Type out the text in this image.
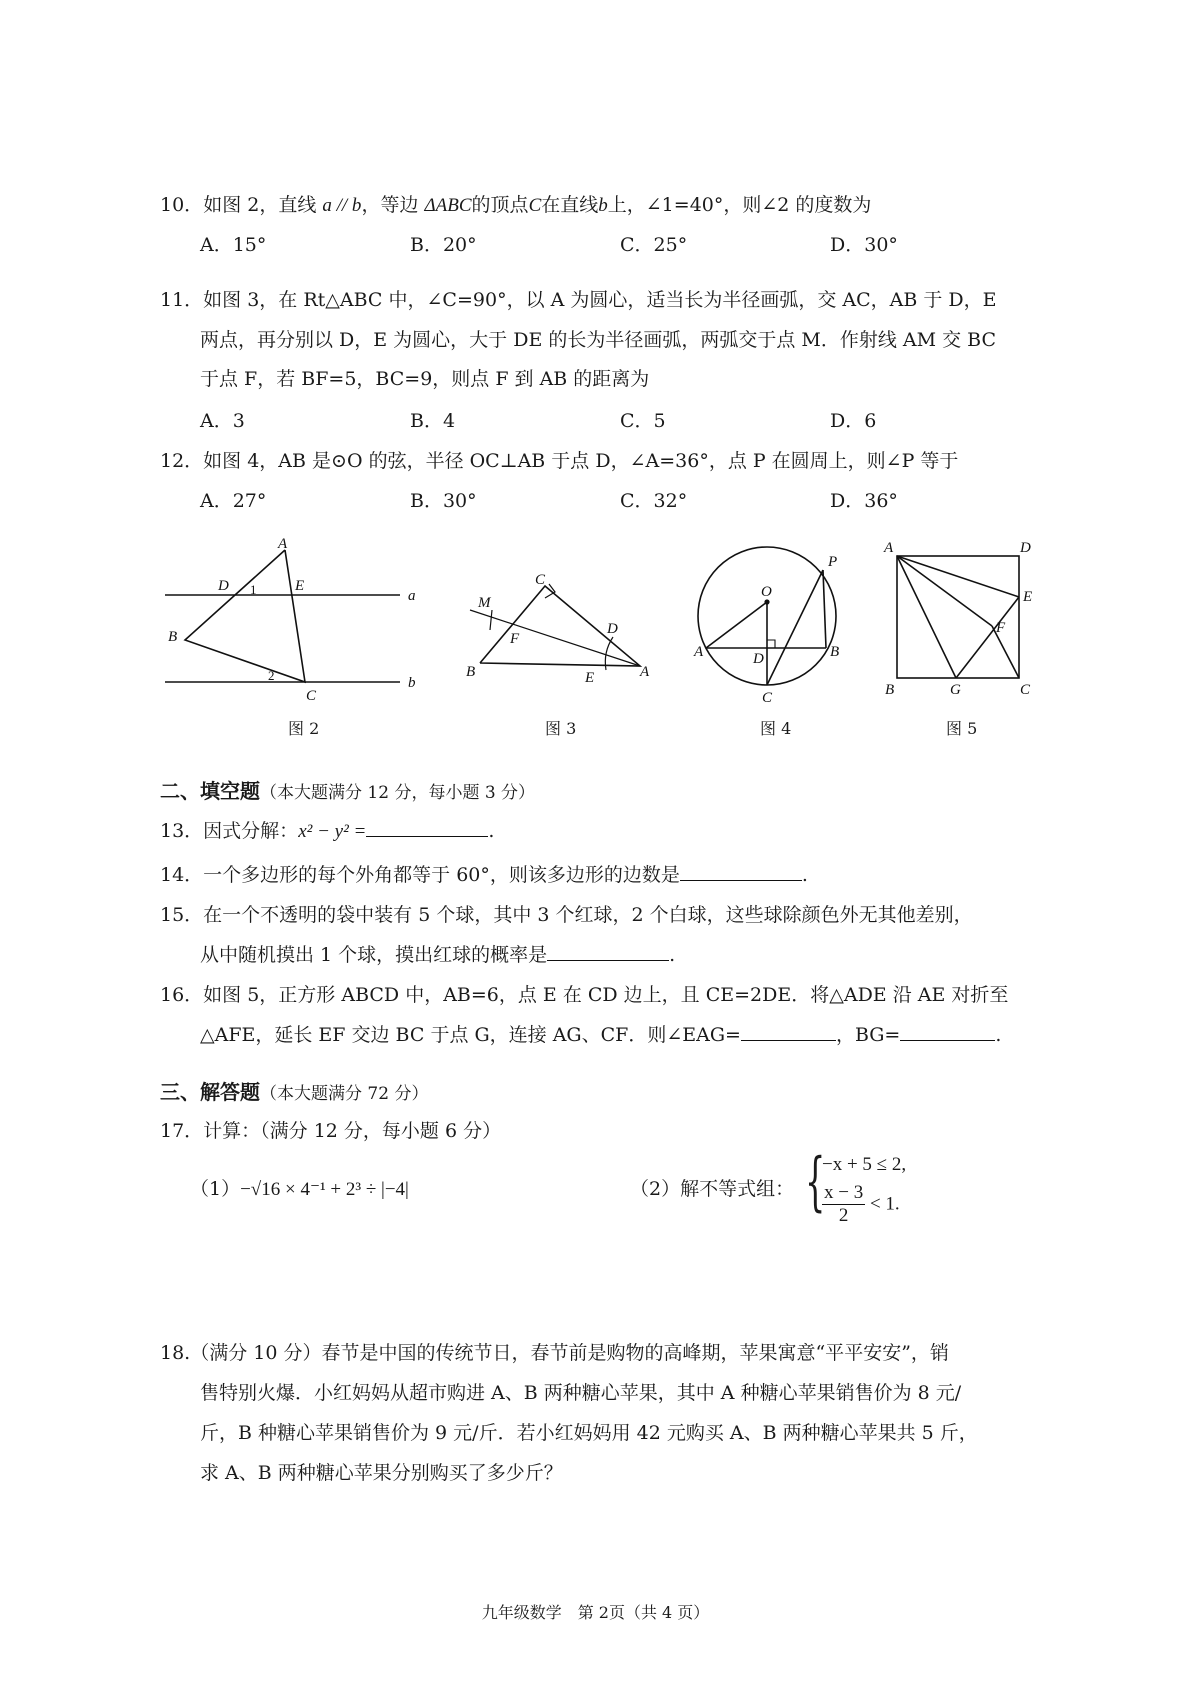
10．如图 2，直线 a // b，等边 ΔABC的顶点C在直线b上，∠1=40°，则∠2 的度数为
A．15°	B．20°	C．25°	D．30°
11．如图 3，在 Rt△ABC 中，∠C=90°，以 A 为圆心，适当长为半径画弧，交 AC，AB 于 D，E
两点，再分别以 D，E 为圆心，大于 DE 的长为半径画弧，两弧交于点 M．作射线 AM 交 BC
于点 F，若 BF=5，BC=9，则点 F 到 AB 的距离为
A．3	B．4	C．5	D．6
12．如图 4，AB 是⊙O 的弦，半径 OC⊥AB 于点 D，∠A=36°，点 P 在圆周上，则∠P 等于
A．27°	B．30°	C．32°	D．36°
A
D 1	E
a
B
2
C
b
C
M
F
D
B	E	A
P
O
A	D	B
C
A	D
E
F
B	G	C
图 2	图 3	图 4	图 5
二、填空题（本大题满分 12 分，每小题 3 分）
13．因式分解：x² − y² =	.
14．一个多边形的每个外角都等于 60°，则该多边形的边数是	.
15．在一个不透明的袋中装有 5 个球，其中 3 个红球，2 个白球，这些球除颜色外无其他差别，
从中随机摸出 1 个球，摸出红球的概率是	.
16．如图 5，正方形 ABCD 中，AB=6，点 E 在 CD 边上，且 CE=2DE．将△ADE 沿 AE 对折至
△AFE，延长 EF 交边 BC 于点 G，连接 AG、CF．则∠EAG=	，BG=	.
三、解答题（本大题满分 72 分）
17．计算：（满分 12 分，每小题 6 分）
（1）−√16 × 4⁻¹ + 2³ ÷ |−4|	（2）解不等式组： {
−x + 5 ≤ 2,
$\frac{x - 3}{2} < 1$.
18.（满分 10 分）春节是中国的传统节日，春节前是购物的高峰期，苹果寓意“平平安安”，销
售特别火爆．小红妈妈从超市购进 A、B 两种糖心苹果，其中 A 种糖心苹果销售价为 8 元/
斤，B 种糖心苹果销售价为 9 元/斤．若小红妈妈用 42 元购买 A、B 两种糖心苹果共 5 斤，
求 A、B 两种糖心苹果分别购买了多少斤？
九年级数学　第 2页（共 4 页）
